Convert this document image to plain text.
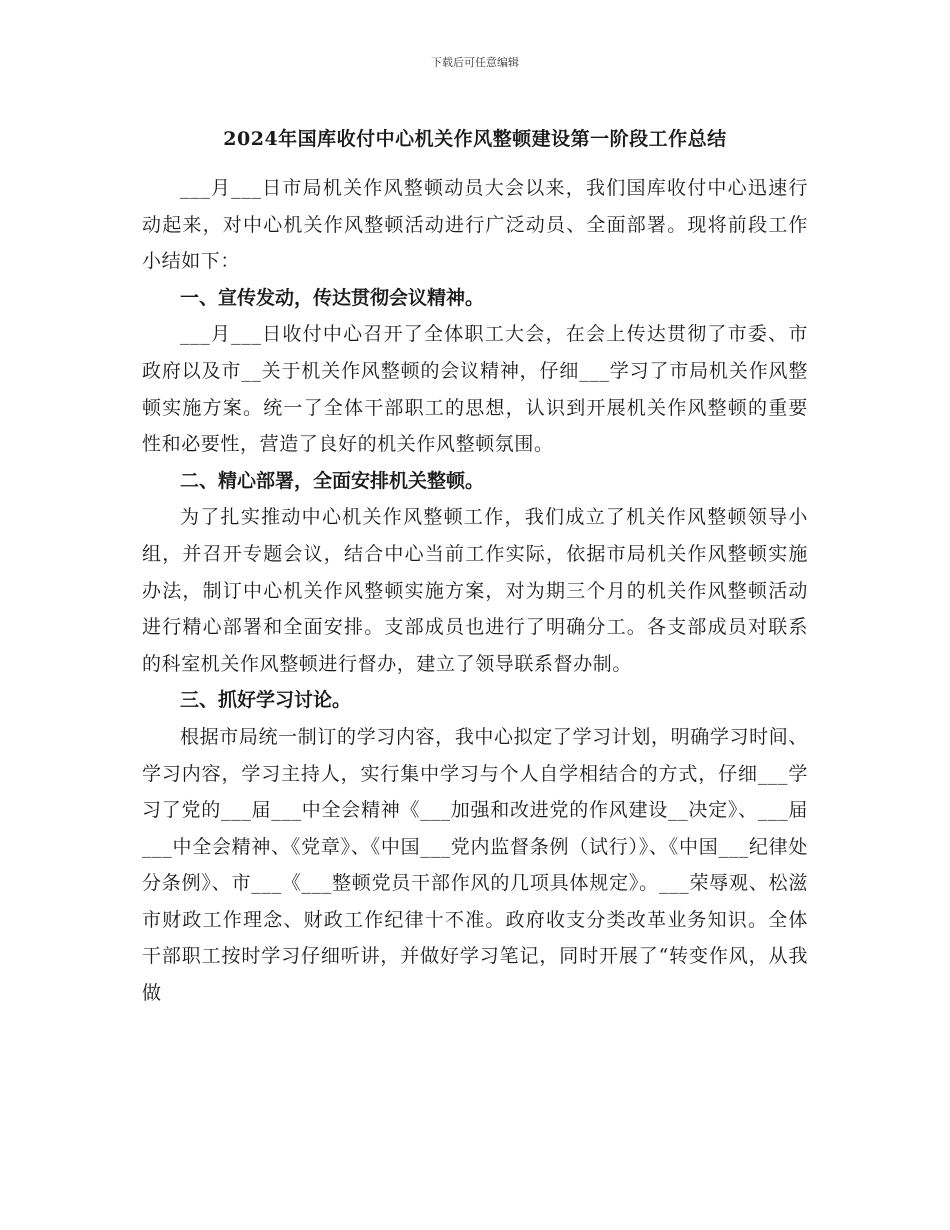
下载后可任意编辑
2024年国库收付中心机关作风整顿建设第一阶段工作总结

___月___日市局机关作风整顿动员大会以来，我们国库收付中心迅速行动起来，对中心机关作风整顿活动进行广泛动员、全面部署。现将前段工作小结如下：

一、宣传发动，传达贯彻会议精神。

___月___日收付中心召开了全体职工大会，在会上传达贯彻了市委、市政府以及市__关于机关作风整顿的会议精神，仔细___学习了市局机关作风整顿实施方案。统一了全体干部职工的思想，认识到开展机关作风整顿的重要性和必要性，营造了良好的机关作风整顿氛围。

二、精心部署，全面安排机关整顿。

为了扎实推动中心机关作风整顿工作，我们成立了机关作风整顿领导小组，并召开专题会议，结合中心当前工作实际，依据市局机关作风整顿实施办法，制订中心机关作风整顿实施方案，对为期三个月的机关作风整顿活动进行精心部署和全面安排。支部成员也进行了明确分工。各支部成员对联系的科室机关作风整顿进行督办，建立了领导联系督办制。

三、抓好学习讨论。

根据市局统一制订的学习内容，我中心拟定了学习计划，明确学习时间、学习内容，学习主持人，实行集中学习与个人自学相结合的方式，仔细___学习了党的___届___中全会精神《___加强和改进党的作风建设__决定》、___届___中全会精神、《党章》、《中国___党内监督条例（试行）》、《中国___纪律处分条例》、市___《___整顿党员干部作风的几项具体规定》。___荣辱观、松滋市财政工作理念、财政工作纪律十不准。政府收支分类改革业务知识。全体干部职工按时学习仔细听讲，并做好学习笔记，同时开展了“转变作风，从我做
